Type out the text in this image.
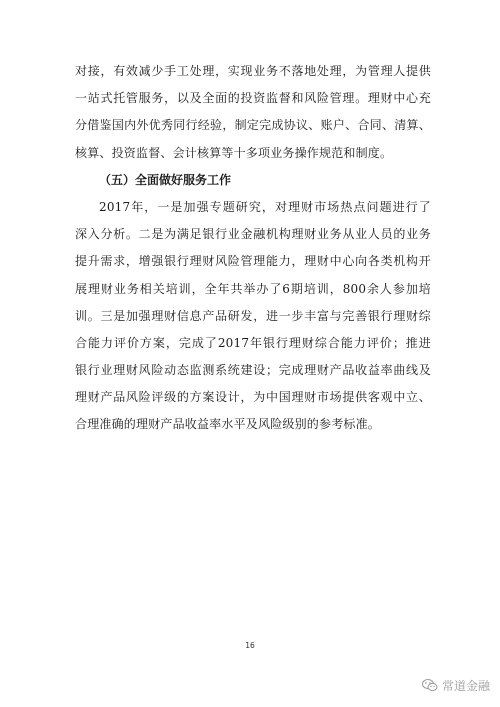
对接，有效减少手工处理，实现业务不落地处理，为管理人提供
一站式托管服务，以及全面的投资监督和风险管理。理财中心充
分借鉴国内外优秀同行经验，制定完成协议、账户、合同、清算、
核算、投资监督、会计核算等十多项业务操作规范和制度。
（五）全面做好服务工作
2017年，一是加强专题研究，对理财市场热点问题进行了
深入分析。二是为满足银行业金融机构理财业务从业人员的业务
提升需求，增强银行理财风险管理能力，理财中心向各类机构开
展理财业务相关培训，全年共举办了6期培训，800余人参加培
训。三是加强理财信息产品研发，进一步丰富与完善银行理财综
合能力评价方案，完成了2017年银行理财综合能力评价；推进
银行业理财风险动态监测系统建设；完成理财产品收益率曲线及
理财产品风险评级的方案设计，为中国理财市场提供客观中立、
合理准确的理财产品收益率水平及风险级别的参考标准。
16
常道金融
